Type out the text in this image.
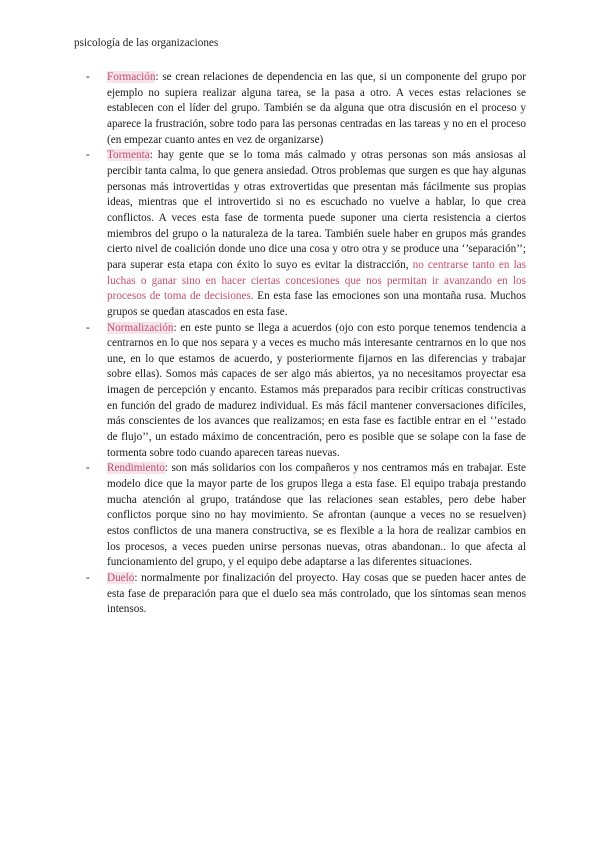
psicología de las organizaciones
-	Formación: se crean relaciones de dependencia en las que, si un componente del grupo por ejemplo no supiera realizar alguna tarea, se la pasa a otro. A veces estas relaciones se establecen con el líder del grupo. También se da alguna que otra discusión en el proceso y aparece la frustración, sobre todo para las personas centradas en las tareas y no en el proceso (en empezar cuanto antes en vez de organizarse)
-	Tormenta: hay gente que se lo toma más calmado y otras personas son más ansiosas al percibir tanta calma, lo que genera ansiedad. Otros problemas que surgen es que hay algunas personas más introvertidas y otras extrovertidas que presentan más fácilmente sus propias ideas, mientras que el introvertido si no es escuchado no vuelve a hablar, lo que crea conflictos. A veces esta fase de tormenta puede suponer una cierta resistencia a ciertos miembros del grupo o la naturaleza de la tarea. También suele haber en grupos más grandes cierto nivel de coalición donde uno dice una cosa y otro otra y se produce una ‘’separación’’; para superar esta etapa con éxito lo suyo es evitar la distracción, no centrarse tanto en las luchas o ganar sino en hacer ciertas concesiones que nos permitan ir avanzando en los procesos de toma de decisiones. En esta fase las emociones son una montaña rusa. Muchos grupos se quedan atascados en esta fase.
-	Normalización: en este punto se llega a acuerdos (ojo con esto porque tenemos tendencia a centrarnos en lo que nos separa y a veces es mucho más interesante centrarnos en lo que nos une, en lo que estamos de acuerdo, y posteriormente fijarnos en las diferencias y trabajar sobre ellas). Somos más capaces de ser algo más abiertos, ya no necesitamos proyectar esa imagen de percepción y encanto. Estamos más preparados para recibir críticas constructivas en función del grado de madurez individual. Es más fácil mantener conversaciones difíciles, más conscientes de los avances que realizamos; en esta fase es factible entrar en el ‘’estado de flujo’’, un estado máximo de concentración, pero es posible que se solape con la fase de tormenta sobre todo cuando aparecen tareas nuevas.
-	Rendimiento: son más solidarios con los compañeros y nos centramos más en trabajar. Este modelo dice que la mayor parte de los grupos llega a esta fase. El equipo trabaja prestando mucha atención al grupo, tratándose que las relaciones sean estables, pero debe haber conflictos porque sino no hay movimiento. Se afrontan (aunque a veces no se resuelven) estos conflictos de una manera constructiva, se es flexible a la hora de realizar cambios en los procesos, a veces pueden unirse personas nuevas, otras abandonan.. lo que afecta al funcionamiento del grupo, y el equipo debe adaptarse a las diferentes situaciones.
-	Duelo: normalmente por finalización del proyecto. Hay cosas que se pueden hacer antes de esta fase de preparación para que el duelo sea más controlado, que los síntomas sean menos intensos.
